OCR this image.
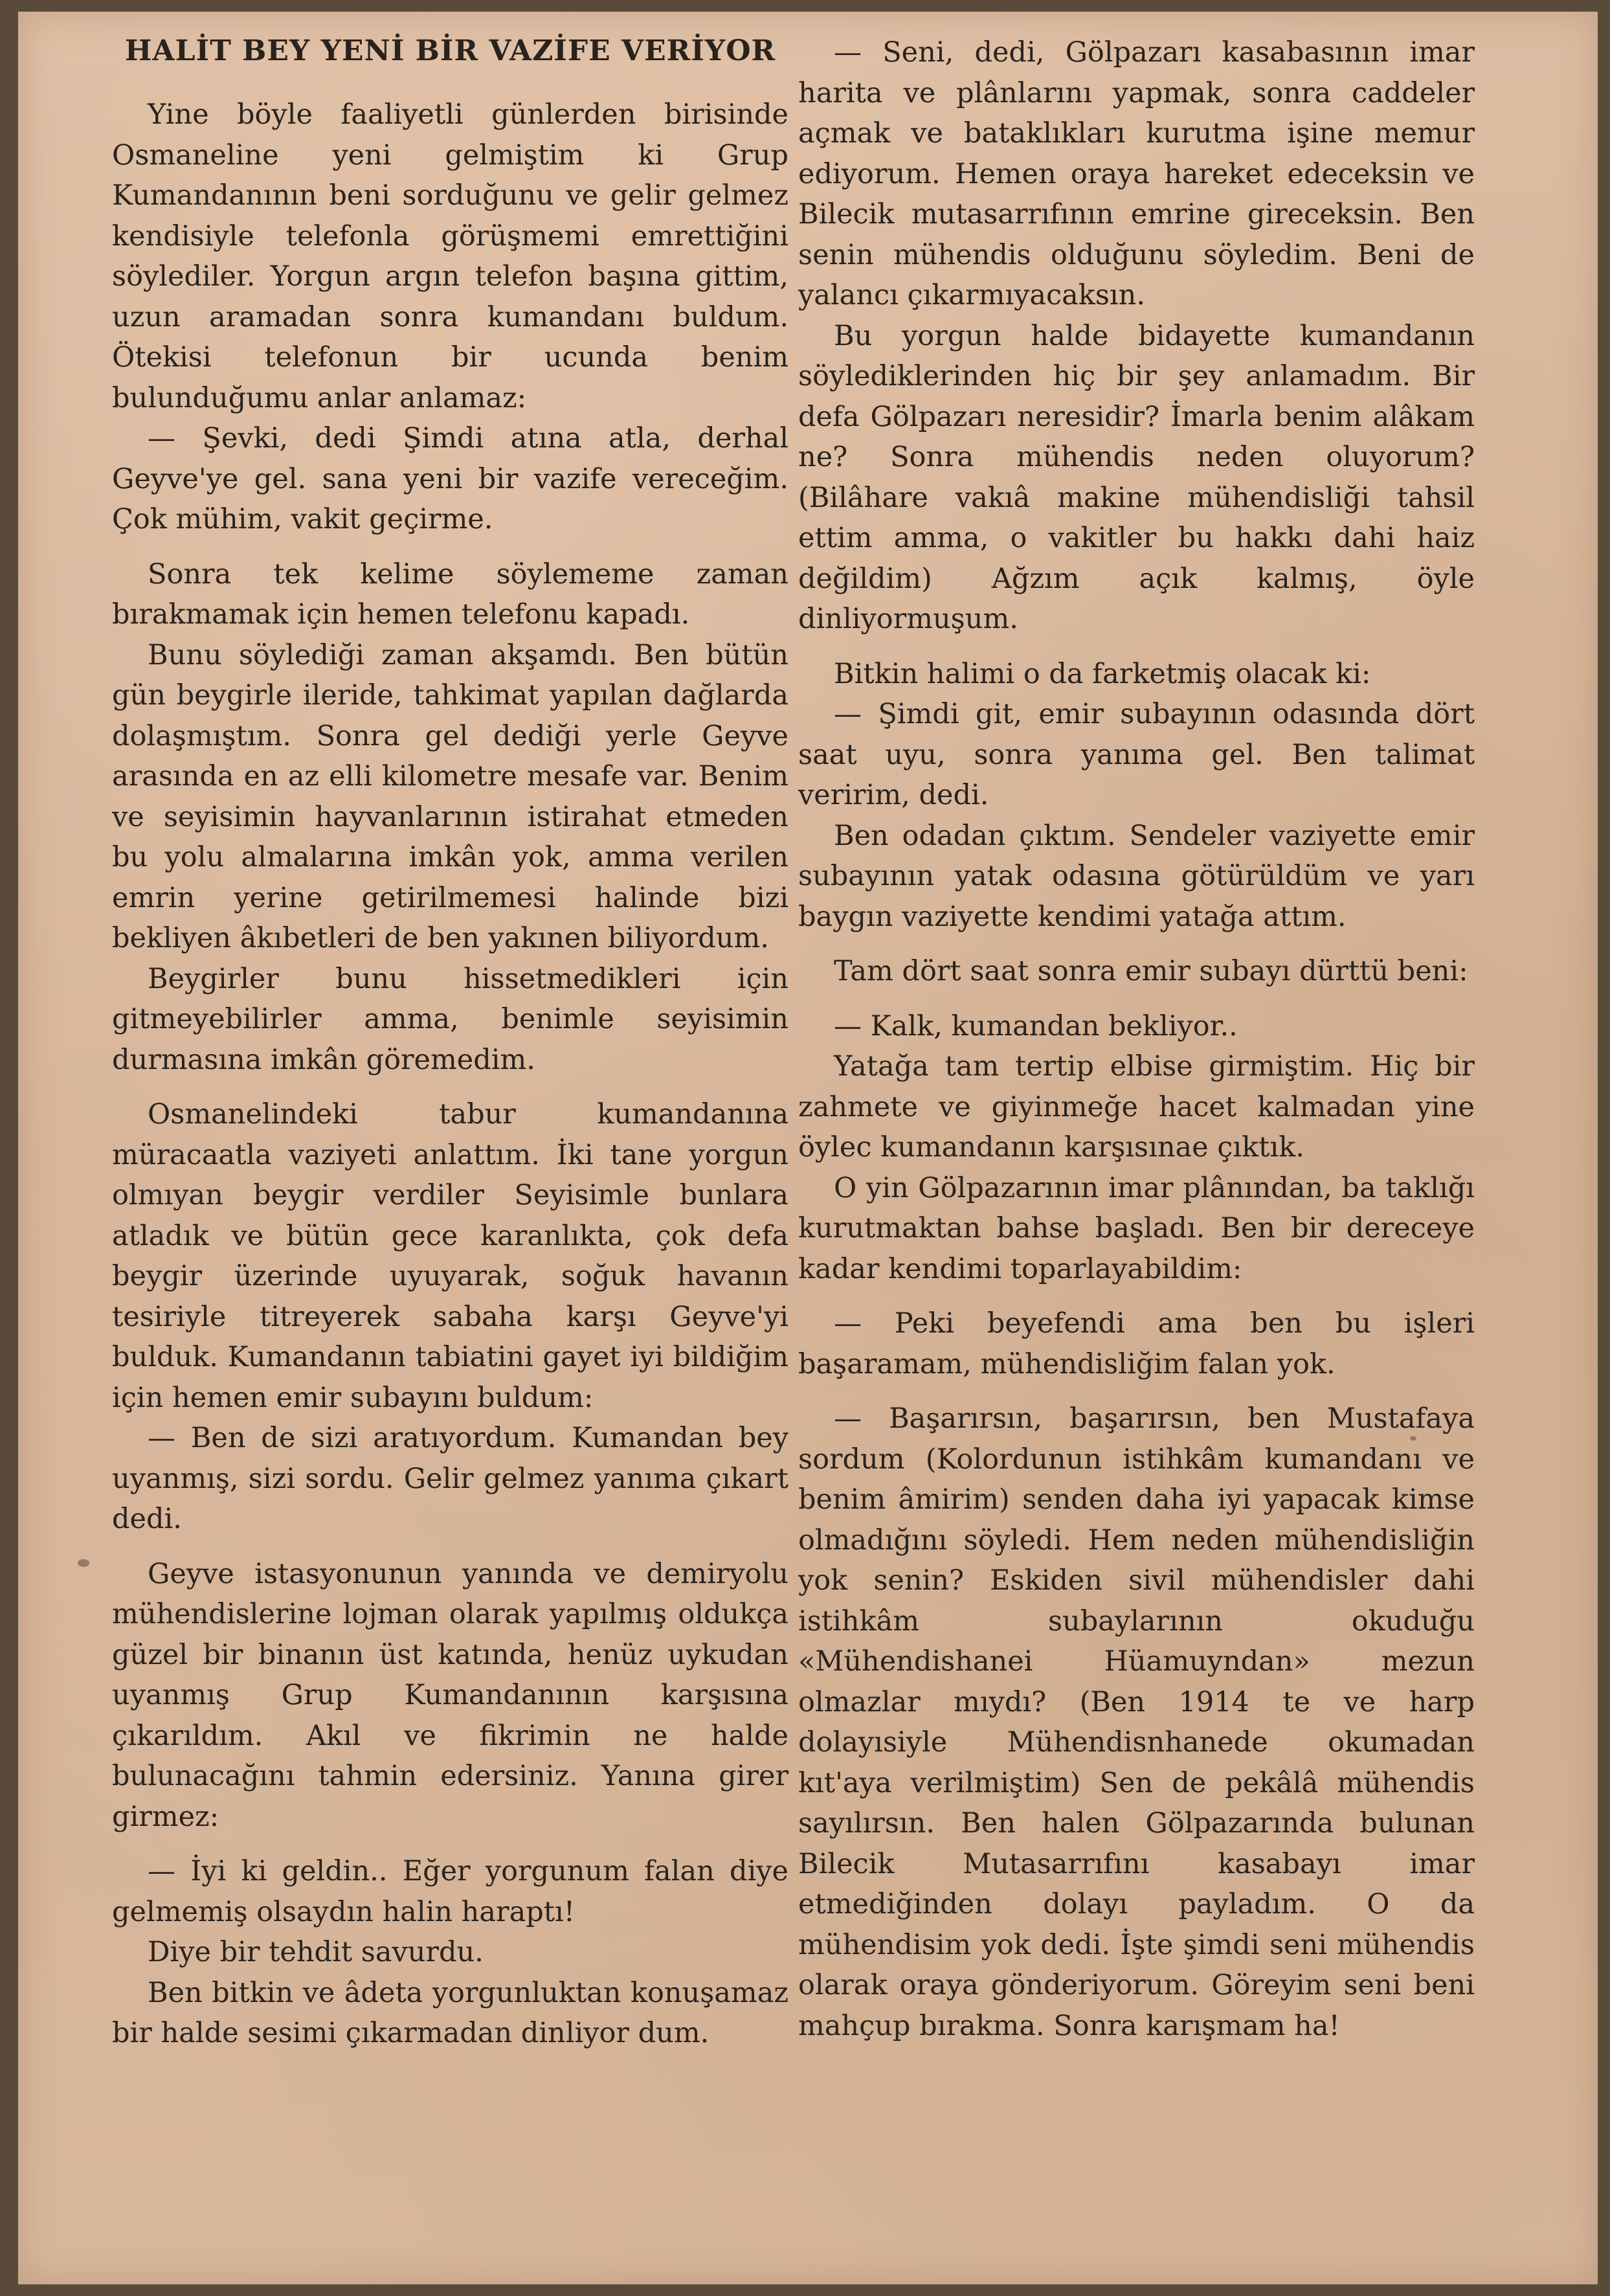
HALİT BEY YENİ BİR VAZİFE VERİYOR

Yine böyle faaliyetli günlerden birisinde Osmaneline yeni gelmiştim ki Grup Kumandanının beni sorduğunu ve gelir gelmez kendisiyle telefonla görüşmemi emrettiğini söylediler. Yorgun argın telefon başına gittim, uzun aramadan sonra kumandanı buldum. Ötekisi telefonun bir ucunda benim bulunduğumu anlar anlamaz:

— Şevki, dedi Şimdi atına atla, derhal Geyve'ye gel. sana yeni bir vazife vereceğim. Çok mühim, vakit geçirme.

Sonra tek kelime söylememe zaman bırakmamak için hemen telefonu kapadı.

Bunu söylediği zaman akşamdı. Ben bütün gün beygirle ileride, tahkimat yapılan dağlarda dolaşmıştım. Sonra gel dediği yerle Geyve arasında en az elli kilometre mesafe var. Benim ve seyisimin hayvanlarının istirahat etmeden bu yolu almalarına imkân yok, amma verilen emrin yerine getirilmemesi halinde bizi bekliyen âkıbetleri de ben yakınen biliyordum.

Beygirler bunu hissetmedikleri için gitmeyebilirler amma, benimle seyisimin durmasına imkân göremedim.

Osmanelindeki tabur kumandanına müracaatla vaziyeti anlattım. İki tane yorgun olmıyan beygir verdiler Seyisimle bunlara atladık ve bütün gece karanlıkta, çok defa beygir üzerinde uyuyarak, soğuk havanın tesiriyle titreyerek sabaha karşı Geyve'yi bulduk. Kumandanın tabiatini gayet iyi bildiğim için hemen emir subayını buldum:

— Ben de sizi aratıyordum. Kumandan bey uyanmış, sizi sordu. Gelir gelmez yanıma çıkart dedi.

Geyve istasyonunun yanında ve demiryolu mühendislerine lojman olarak yapılmış oldukça güzel bir binanın üst katında, henüz uykudan uyanmış Grup Kumandanının karşısına çıkarıldım. Akıl ve fikrimin ne halde bulunacağını tahmin edersiniz. Yanına girer girmez:

— İyi ki geldin.. Eğer yorgunum falan diye gelmemiş olsaydın halin haraptı!

Diye bir tehdit savurdu.

Ben bitkin ve âdeta yorgunluktan konuşamaz bir halde sesimi çıkarmadan dinliyor dum.

— Seni, dedi, Gölpazarı kasabasının imar harita ve plânlarını yapmak, sonra caddeler açmak ve bataklıkları kurutma işine memur ediyorum. Hemen oraya hareket edeceksin ve Bilecik mutasarrıfının emrine gireceksin. Ben senin mühendis olduğunu söyledim. Beni de yalancı çıkarmıyacaksın.

Bu yorgun halde bidayette kumandanın söylediklerinden hiç bir şey anlamadım. Bir defa Gölpazarı neresidir? İmarla benim alâkam ne? Sonra mühendis neden oluyorum? (Bilâhare vakıâ makine mühendisliği tahsil ettim amma, o vakitler bu hakkı dahi haiz değildim) Ağzım açık kalmış, öyle dinliyormuşum.

Bitkin halimi o da farketmiş olacak ki:

— Şimdi git, emir subayının odasında dört saat uyu, sonra yanıma gel. Ben talimat veririm, dedi.

Ben odadan çıktım. Sendeler vaziyette emir subayının yatak odasına götürüldüm ve yarı baygın vaziyette kendimi yatağa attım.

Tam dört saat sonra emir subayı dürttü beni:

— Kalk, kumandan bekliyor..

Yatağa tam tertip elbise girmiştim. Hiç bir zahmete ve giyinmeğe hacet kalmadan yine öylec kumandanın karşısınae çıktık.

O yin Gölpazarının imar plânından, ba taklığı kurutmaktan bahse başladı. Ben bir dereceye kadar kendimi toparlayabildim:

— Peki beyefendi ama ben bu işleri başaramam, mühendisliğim falan yok.

— Başarırsın, başarırsın, ben Mustafaya sordum (Kolordunun istihkâm kumandanı ve benim âmirim) senden daha iyi yapacak kimse olmadığını söyledi. Hem neden mühendisliğin yok senin? Eskiden sivil mühendisler dahi istihkâm subaylarının okuduğu «Mühendishanei Hüamuyndan» mezun olmazlar mıydı? (Ben 1914 te ve harp dolayısiyle Mühendisnhanede okumadan kıt'aya verilmiştim) Sen de pekâlâ mühendis sayılırsın. Ben halen Gölpazarında bulunan Bilecik Mutasarrıfını kasabayı imar etmediğinden dolayı payladım. O da mühendisim yok dedi. İşte şimdi seni mühendis olarak oraya gönderiyorum. Göreyim seni beni mahçup bırakma. Sonra karışmam ha!
